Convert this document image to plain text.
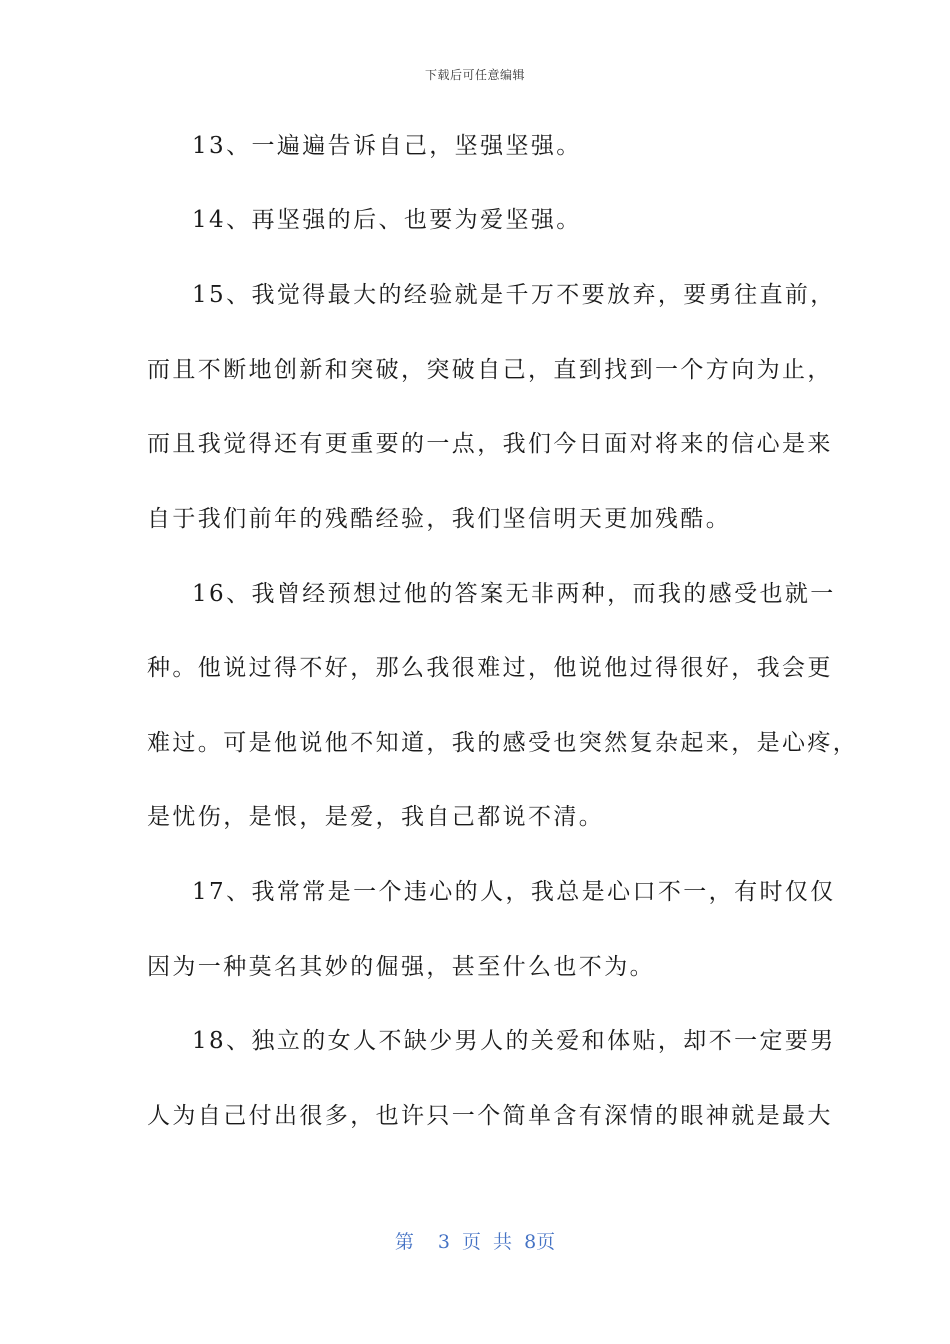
下载后可任意编辑
13、一遍遍告诉自己，坚强坚强。
14、再坚强的后、也要为爱坚强。
15、我觉得最大的经验就是千万不要放弃，要勇往直前，
而且不断地创新和突破，突破自己，直到找到一个方向为止，
而且我觉得还有更重要的一点，我们今日面对将来的信心是来
自于我们前年的残酷经验，我们坚信明天更加残酷。
16、我曾经预想过他的答案无非两种，而我的感受也就一
种。他说过得不好，那么我很难过，他说他过得很好，我会更
难过。可是他说他不知道，我的感受也突然复杂起来，是心疼，
是忧伤，是恨，是爱，我自己都说不清。
17、我常常是一个违心的人，我总是心口不一，有时仅仅
因为一种莫名其妙的倔强，甚至什么也不为。
18、独立的女人不缺少男人的关爱和体贴，却不一定要男
人为自己付出很多，也许只一个简单含有深情的眼神就是最大
第  3 页 共 8页
